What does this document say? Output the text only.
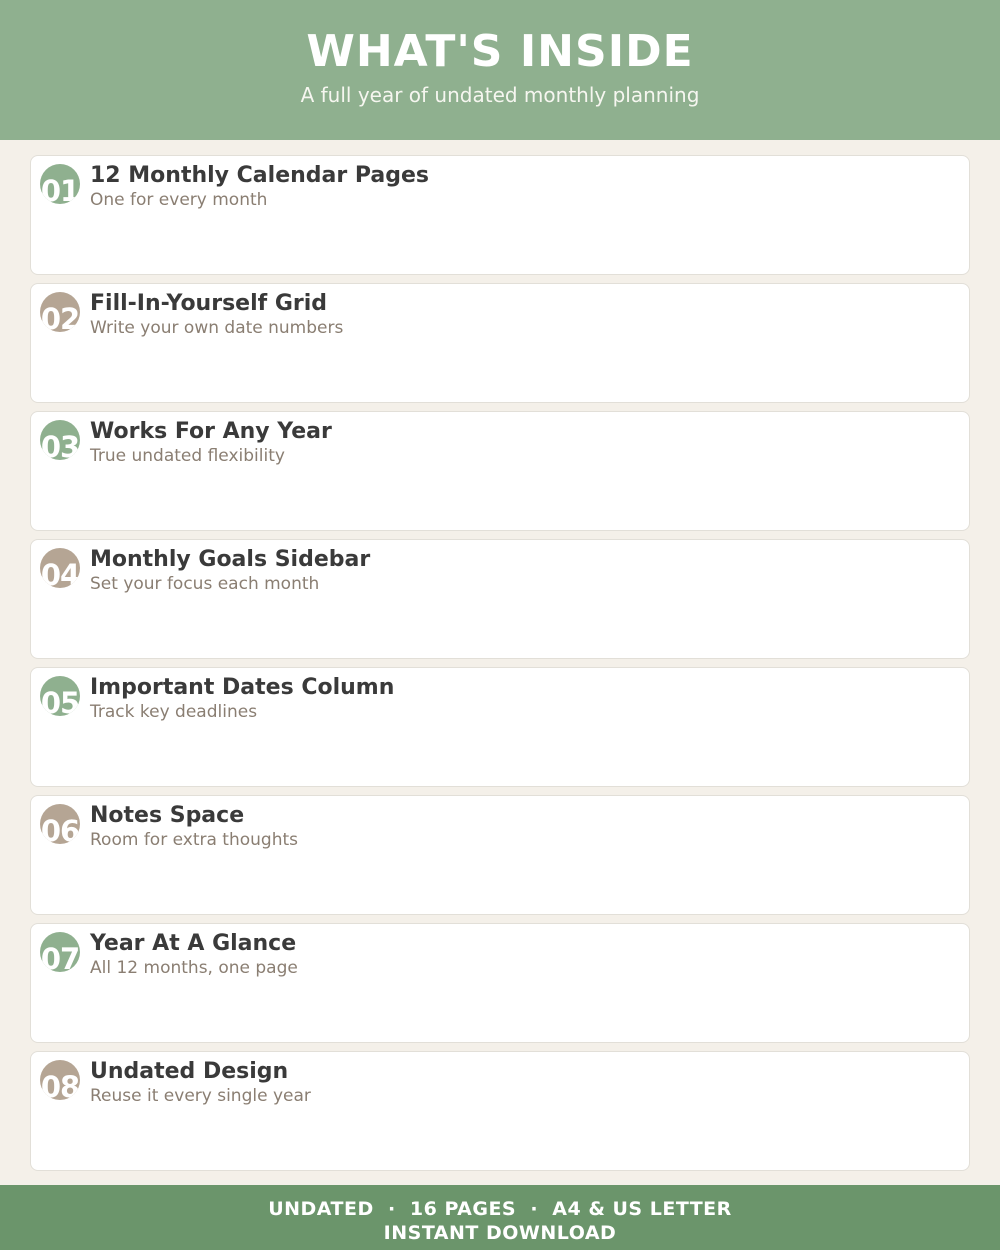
WHAT'S INSIDE
A full year of undated monthly planning
01 12 Monthly Calendar Pages
One for every month
02 Fill-In-Yourself Grid
Write your own date numbers
03 Works For Any Year
True undated flexibility
04 Monthly Goals Sidebar
Set your focus each month
05 Important Dates Column
Track key deadlines
06 Notes Space
Room for extra thoughts
07 Year At A Glance
All 12 months, one page
08 Undated Design
Reuse it every single year
UNDATED  ·  16 PAGES  ·  A4 & US LETTER
INSTANT DOWNLOAD
